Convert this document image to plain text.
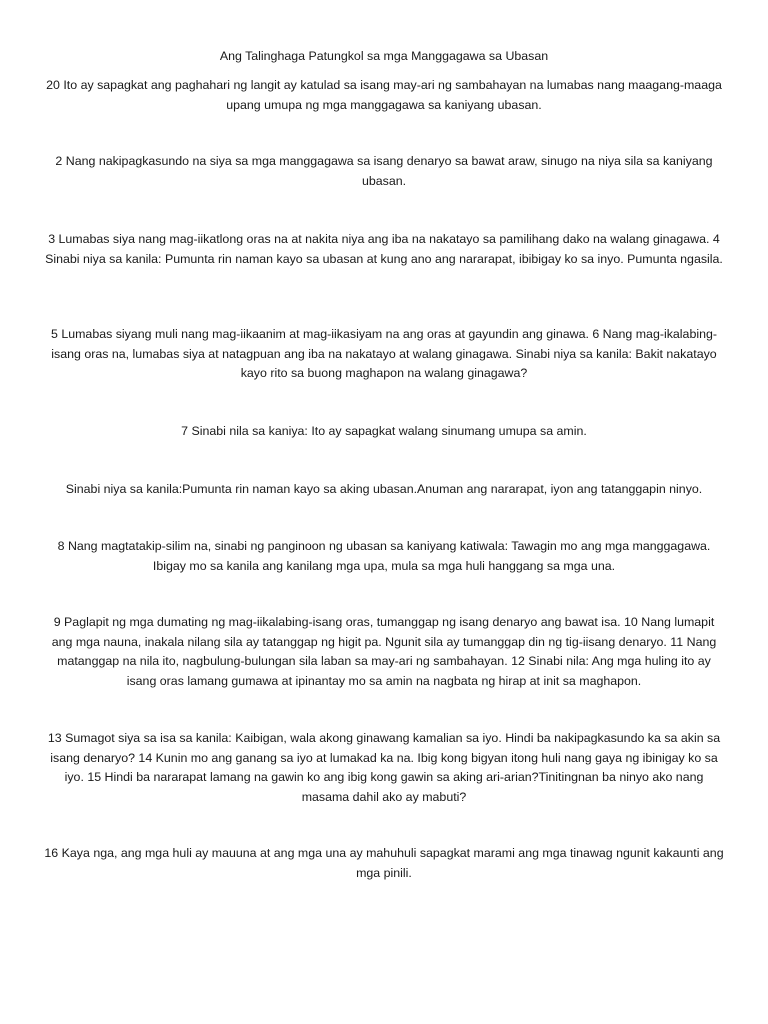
Ang Talinghaga Patungkol sa mga Manggagawa sa Ubasan

20 Ito ay sapagkat ang paghahari ng langit ay katulad sa isang may-ari ng sambahayan na lumabas nang maagang-maaga upang umupa ng mga manggagawa sa kaniyang ubasan.

2 Nang nakipagkasundo na siya sa mga manggagawa sa isang denaryo sa bawat araw, sinugo na niya sila sa kaniyang ubasan.

3 Lumabas siya nang mag-iikatlong oras na at nakita niya ang iba na nakatayo sa pamilihang dako na walang ginagawa. 4 Sinabi niya sa kanila: Pumunta rin naman kayo sa ubasan at kung ano ang nararapat, ibibigay ko sa inyo. Pumunta ngasila.

5 Lumabas siyang muli nang mag-iikaanim at mag-iikasiyam na ang oras at gayundin ang ginawa. 6 Nang mag-ikalabing-isang oras na, lumabas siya at natagpuan ang iba na nakatayo at walang ginagawa. Sinabi niya sa kanila: Bakit nakatayo kayo rito sa buong maghapon na walang ginagawa?

7 Sinabi nila sa kaniya: Ito ay sapagkat walang sinumang umupa sa amin.

Sinabi niya sa kanila:Pumunta rin naman kayo sa aking ubasan.Anuman ang nararapat, iyon ang tatanggapin ninyo.

8 Nang magtatakip-silim na, sinabi ng panginoon ng ubasan sa kaniyang katiwala: Tawagin mo ang mga manggagawa. Ibigay mo sa kanila ang kanilang mga upa, mula sa mga huli hanggang sa mga una.

9 Paglapit ng mga dumating ng mag-iikalabing-isang oras, tumanggap ng isang denaryo ang bawat isa. 10 Nang lumapit ang mga nauna, inakala nilang sila ay tatanggap ng higit pa. Ngunit sila ay tumanggap din ng tig-iisang denaryo. 11 Nang matanggap na nila ito, nagbulung-bulungan sila laban sa may-ari ng sambahayan. 12 Sinabi nila: Ang mga huling ito ay isang oras lamang gumawa at ipinantay mo sa amin na nagbata ng hirap at init sa maghapon.

13 Sumagot siya sa isa sa kanila: Kaibigan, wala akong ginawang kamalian sa iyo. Hindi ba nakipagkasundo ka sa akin sa isang denaryo? 14 Kunin mo ang ganang sa iyo at lumakad ka na. Ibig kong bigyan itong huli nang gaya ng ibinigay ko sa iyo. 15 Hindi ba nararapat lamang na gawin ko ang ibig kong gawin sa aking ari-arian?Tinitingnan ba ninyo ako nang masama dahil ako ay mabuti?

16 Kaya nga, ang mga huli ay mauuna at ang mga una ay mahuhuli sapagkat marami ang mga tinawag ngunit kakaunti ang mga pinili.
